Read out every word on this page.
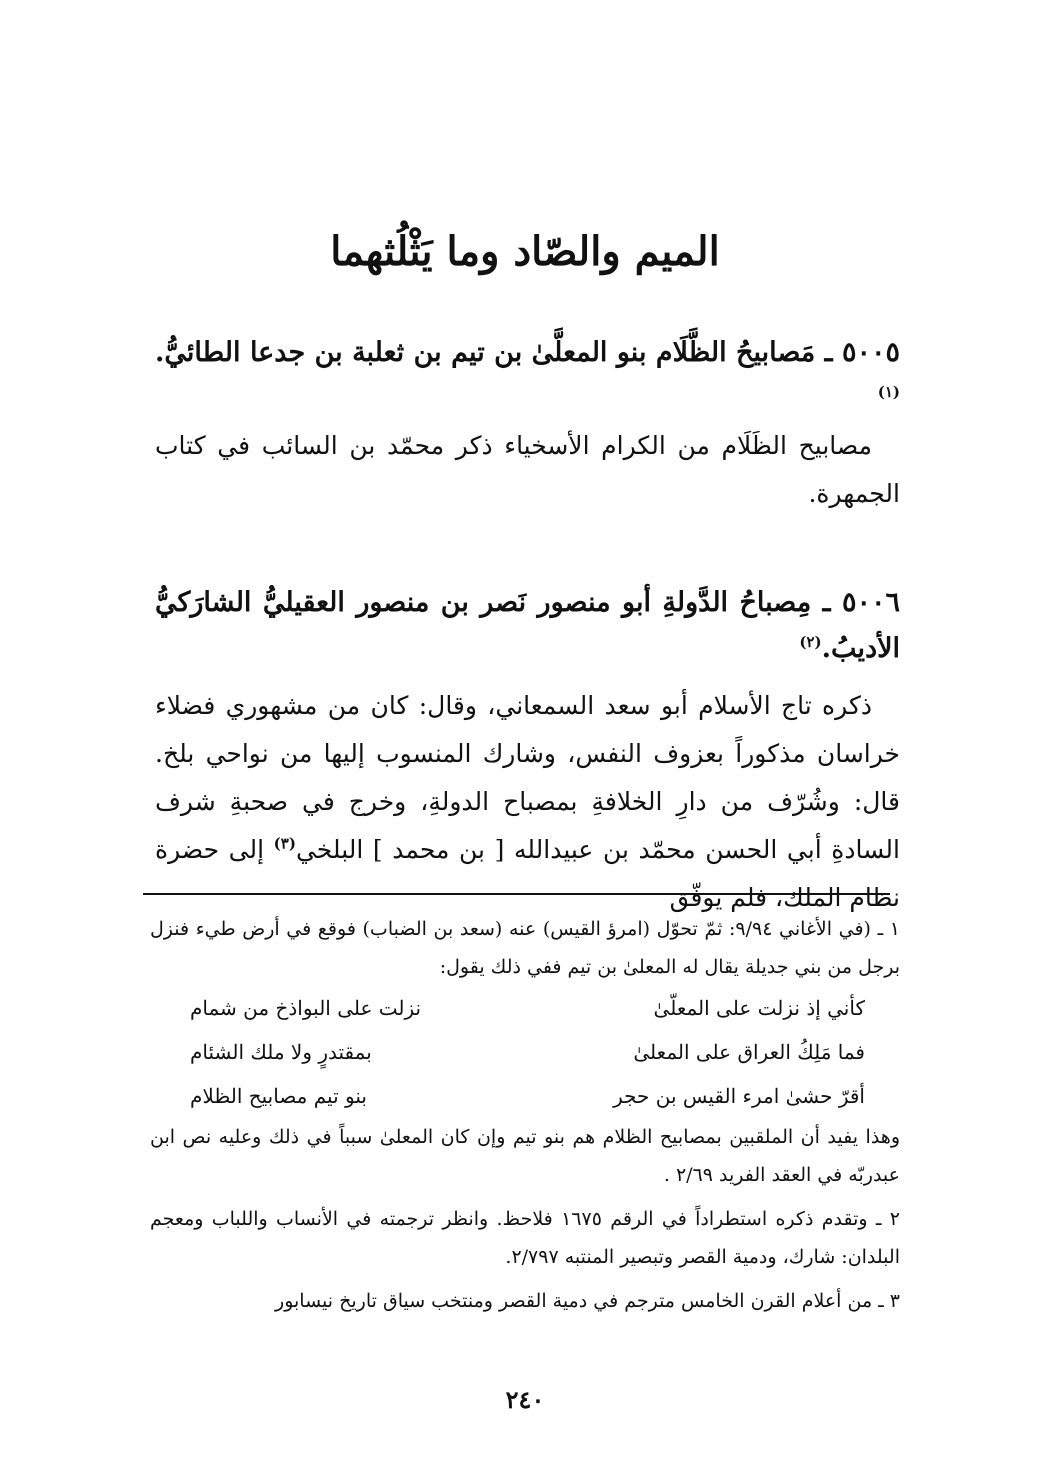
الميم والصّاد وما يَثْلُثهما

٥٠٠٥ ـ مَصابيحُ الظَّلَام بنو المعلَّىٰ بن تيم بن ثعلبة بن جدعا الطائيُّ.$^{(١)}$

مصابيح الظَلَام من الكرام الأسخياء ذكر محمّد بن السائب في كتاب الجمهرة.

٥٠٠٦ ـ مِصباحُ الدَّولةِ أبو منصور نَصر بن منصور العقيليُّ الشارَكيُّ الأديبُ.$^{(٢)}$

ذكره تاج الأسلام أبو سعد السمعاني، وقال: كان من مشهوري فضلاء خراسان مذكوراً بعزوف النفس، وشارك المنسوب إليها من نواحي بلخ. قال: وشُرّف من دارِ الخلافةِ بمصباح الدولةِ، وخرج في صحبةِ شرف السادةِ أبي الحسن محمّد بن عبيدالله [ بن محمد ] البلخي$^{(٣)}$ إلى حضرة نظام الملك، فلم يوفّق

١ ـ (في الأغاني ٩/٩٤: ثمّ تحوّل (امرؤ القيس) عنه (سعد بن الضباب) فوقع في أرض طيء فنزل برجل من بني جديلة يقال له المعلىٰ بن تيم ففي ذلك يقول:

كأني إذ نزلت على المعلّىٰ
نزلت على البواذخ من شمام
فما مَلِكُ العراق على المعلىٰ
بمقتدرٍ ولا ملك الشئام
أقرّ حشىٰ امرء القيس بن حجر
بنو تيم مصابيح الظلام

وهذا يفيد أن الملقبين بمصابيح الظلام هم بنو تيم وإن كان المعلىٰ سبباً في ذلك وعليه نص ابن عبدربّه في العقد الفريد ٢/٦٩ .

٢ ـ وتقدم ذكره استطراداً في الرقم ١٦٧٥ فلاحظ. وانظر ترجمته في الأنساب واللباب ومعجم البلدان: شارك، ودمية القصر وتبصير المنتبه ٢/٧٩٧.

٣ ـ من أعلام القرن الخامس مترجم في دمية القصر ومنتخب سياق تاريخ نيسابور

٢٤٠
